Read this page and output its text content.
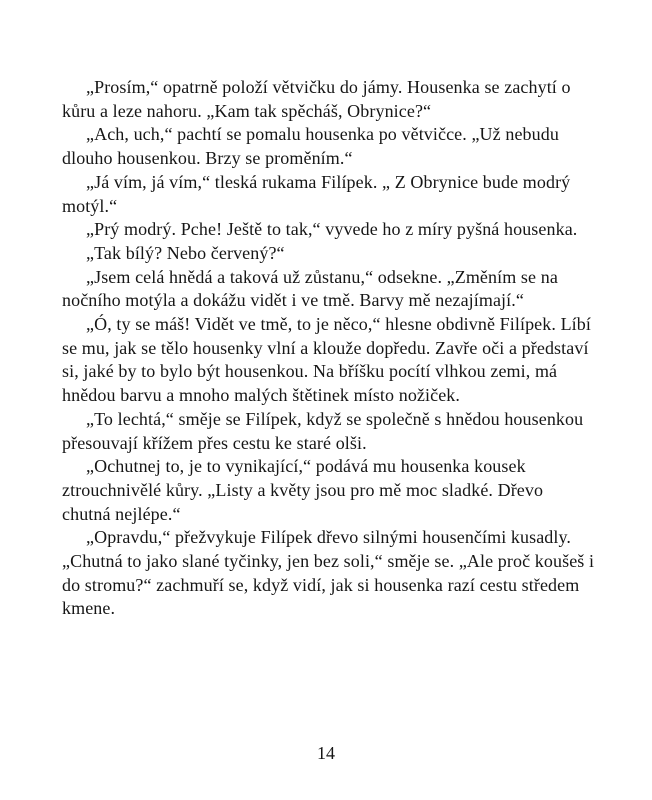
„Prosím,“ opatrně položí větvičku do jámy. Housenka se zachytí o kůru a leze nahoru. „Kam tak spěcháš, Obrynice?“

„Ach, uch,“ pachtí se pomalu housenka po větvičce. „Už nebudu dlouho housenkou. Brzy se proměním.“

„Já vím, já vím,“ tleská rukama Filípek. „ Z Obrynice bude modrý motýl.“

„Prý modrý. Pche! Ještě to tak,“ vyvede ho z míry pyšná housenka.

„Tak bílý? Nebo červený?“

„Jsem celá hnědá a taková už zůstanu,“ odsekne. „Změním se na nočního motýla a dokážu vidět i ve tmě. Barvy mě nezajímají.“

„Ó, ty se máš! Vidět ve tmě, to je něco,“ hlesne obdivně Filípek. Líbí se mu, jak se tělo housenky vlní a klouže dopředu. Zavře oči a představí si, jaké by to bylo být housenkou. Na bříšku pocítí vlhkou zemi, má hnědou barvu a mnoho malých štětinek místo nožiček.

„To lechtá,“ směje se Filípek, když se společně s hnědou housenkou přesouvají křížem přes cestu ke staré olši.

„Ochutnej to, je to vynikající,“ podává mu housenka kousek ztrouchnivělé kůry. „Listy a květy jsou pro mě moc sladké. Dřevo chutná nejlépe.“

„Opravdu,“ přežvykuje Filípek dřevo silnými housenčími kusadly. „Chutná to jako slané tyčinky, jen bez soli,“ směje se. „Ale proč koušeš i do stromu?“ zachmuří se, když vidí, jak si housenka razí cestu středem kmene.

14
